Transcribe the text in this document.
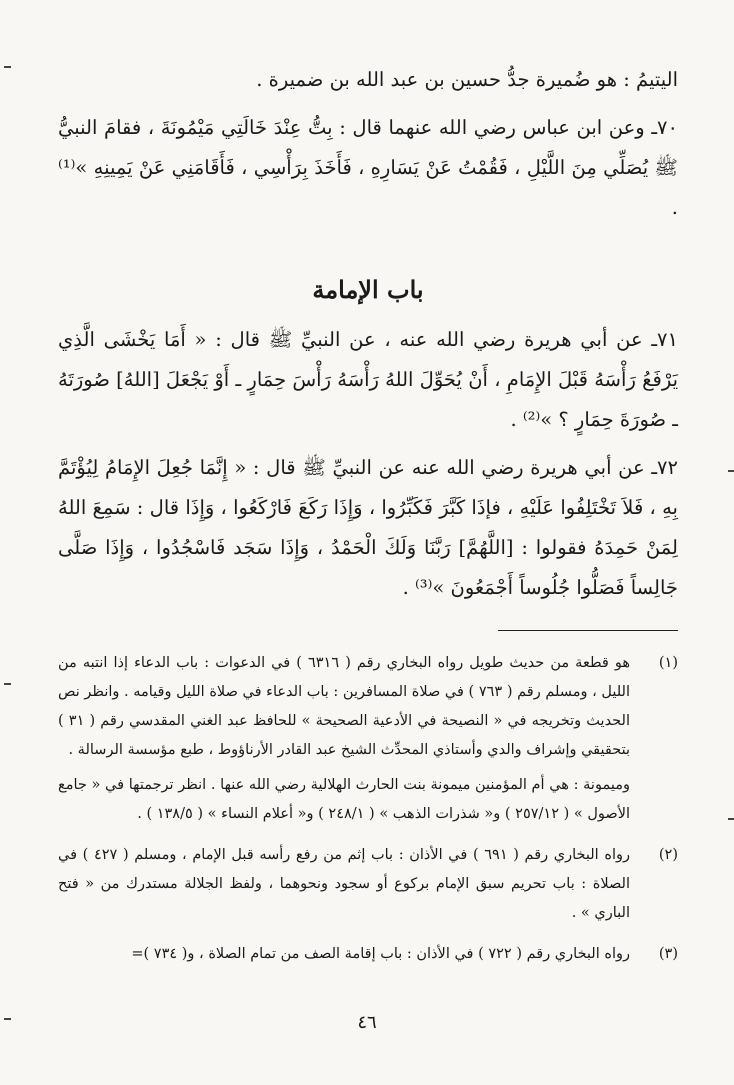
اليتيمُ : هو ضُميرة جدُّ حسين بن عبد الله بن ضميرة .

٧٠ـ وعن ابن عباس رضي الله عنهما قال : بِتُّ عِنْدَ خَالَتِي مَيْمُونَةَ ، فقامَ النبيُّ ﷺ يُصَلِّي مِنَ اللَّيْلِ ، فَقُمْتُ عَنْ يَسَارِهِ ، فَأَخَذَ بِرَأْسِي ، فَأَقَامَنِي عَنْ يَمِينِهِ »⁽¹⁾ .

باب الإمامة

٧١ـ عن أبي هريرة رضي الله عنه ، عن النبيِّ ﷺ قال : « أَمَا يَخْشَى الَّذِي يَرْفَعُ رَأْسَهُ قَبْلَ الإِمَامِ ، أَنْ يُحَوِّلَ اللهُ رَأْسَهُ رَأْسَ حِمَارٍ ـ أَوْ يَجْعَلَ [اللهُ] صُورَتَهُ ـ صُورَةَ حِمَارٍ ؟ »⁽²⁾ .

٧٢ـ عن أبي هريرة رضي الله عنه عن النبيِّ ﷺ قال : « إِنَّمَا جُعِلَ الإِمَامُ لِيُؤْتَمَّ بِهِ ، فَلاَ تَخْتَلِفُوا عَلَيْهِ ، فإذَا كَبَّرَ فَكَبِّرُوا ، وَإِذَا رَكَعَ فَارْكَعُوا ، وَإِذَا قال : سَمِعَ اللهُ لِمَنْ حَمِدَهُ فقولوا : [اللَّهُمَّ] رَبَّنَا وَلَكَ الْحَمْدُ ، وَإِذَا سَجَد فَاسْجُدُوا ، وَإِذَا صَلَّى جَالِساً فَصَلُّوا جُلُوساً أَجْمَعُونَ »⁽³⁾ .

(١)

هو قطعة من حديث طويل رواه البخاري رقم ( ٦٣١٦ ) في الدعوات : باب الدعاء إذا انتبه من الليل ، ومسلم رقم ( ٧٦٣ ) في صلاة المسافرين : باب الدعاء في صلاة الليل وقيامه . وانظر نص الحديث وتخريجه في « النصيحة في الأدعية الصحيحة » للحافظ عبد الغني المقدسي رقم ( ٣١ ) بتحقيقي وإشراف والدي وأستاذي المحدِّث الشيخ عبد القادر الأرناؤوط ، طبع مؤسسة الرسالة .

وميمونة : هي أم المؤمنين ميمونة بنت الحارث الهلالية رضي الله عنها . انظر ترجمتها في « جامع الأصول » ( ٢٥٧/١٢ ) و« شذرات الذهب » ( ٢٤٨/١ ) و« أعلام النساء » ( ١٣٨/٥ ) .

(٢)

رواه البخاري رقم ( ٦٩١ ) في الأذان : باب إثم من رفع رأسه قبل الإمام ، ومسلم ( ٤٢٧ ) في الصلاة : باب تحريم سبق الإمام بركوع أو سجود ونحوهما ، ولفظ الجلالة مستدرك من « فتح الباري » .

(٣)

رواه البخاري رقم ( ٧٢٢ ) في الأذان : باب إقامة الصف من تمام الصلاة ، و( ٧٣٤ )=

٤٦
